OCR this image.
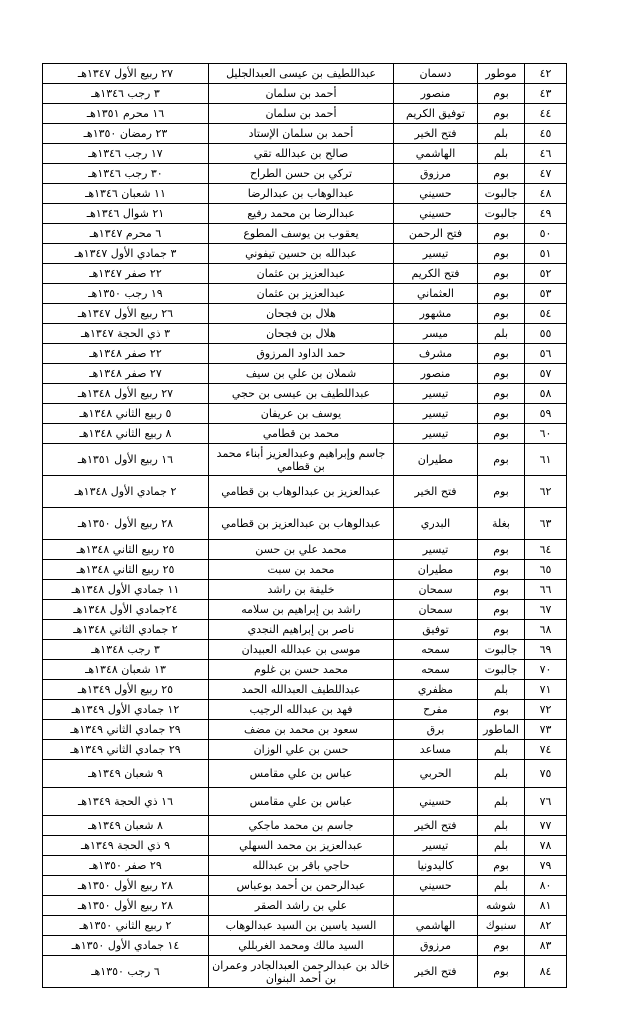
٤٢	موطور	دسمان	عبداللطيف بن عيسى العبدالجليل	٢٧ ربيع الأول ١٣٤٧هـ
٤٣	بوم	منصور	أحمد بن سلمان	٣ رجب ١٣٤٦هـ
٤٤	بوم	توفيق الكريم	أحمد بن سلمان	١٦ محرم ١٣٥١هـ
٤٥	بلم	فتح الخير	أحمد بن سلمان الإستاد	٢٣ رمضان ١٣٥٠هـ
٤٦	بلم	الهاشمي	صالح بن عبدالله تقي	١٧ رجب ١٣٤٦هـ
٤٧	بوم	مرزوق	تركي بن حسن الطراح	٣٠ رجب ١٣٤٦هـ
٤٨	جالبوت	حسيني	عبدالوهاب بن عبدالرضا	١١ شعبان ١٣٤٦هـ
٤٩	جالبوت	حسيني	عبدالرضا بن محمد رفيع	٢١ شوال ١٣٤٦هـ
٥٠	بوم	فتح الرحمن	يعقوب بن يوسف المطوع	٦ محرم ١٣٤٧هـ
٥١	بوم	تيسير	عبدالله بن حسين تيفوني	٣ جمادي الأول ١٣٤٧هـ
٥٢	بوم	فتح الكريم	عبدالعزيز بن عثمان	٢٢ صفر ١٣٤٧هـ
٥٣	بوم	العثماني	عبدالعزيز بن عثمان	١٩ رجب ١٣٥٠هـ
٥٤	بوم	مشهور	هلال بن فجحان	٢٦ ربيع الأول ١٣٤٧هـ
٥٥	بلم	ميسر	هلال بن فجحان	٣ ذي الحجة ١٣٤٧هـ
٥٦	بوم	مشرف	حمد الداود المرزوق	٢٢ صفر ١٣٤٨هـ
٥٧	بوم	منصور	شملان بن علي بن سيف	٢٧ صفر ١٣٤٨هـ
٥٨	بوم	تيسير	عبداللطيف بن عيسى بن حجي	٢٧ ربيع الأول ١٣٤٨هـ
٥٩	بوم	تيسير	يوسف بن عريفان	٥ ربيع الثاني ١٣٤٨هـ
٦٠	بوم	تيسير	محمد بن قطامي	٨ ربيع الثاني ١٣٤٨هـ
٦١	بوم	مطيران	جاسم وإبراهيم وعبدالعزيز أبناء محمد بن قطامي	١٦ ربيع الأول ١٣٥١هـ
٦٢	بوم	فتح الخير	عبدالعزيز بن عبدالوهاب بن قطامي	٢ جمادي الأول ١٣٤٨هـ
٦٣	بغلة	البدري	عبدالوهاب بن عبدالعزيز بن قطامي	٢٨ ربيع الأول ١٣٥٠هـ
٦٤	بوم	تيسير	محمد علي بن حسن	٢٥ ربيع الثاني ١٣٤٨هـ
٦٥	بوم	مطيران	محمد بن سبت	٢٥ ربيع الثاني ١٣٤٨هـ
٦٦	بوم	سمحان	خليفة بن راشد	١١ جمادي الأول ١٣٤٨هـ
٦٧	بوم	سمحان	راشد بن إبراهيم بن سلامه	٢٤جمادي الأول ١٣٤٨هـ
٦٨	بوم	توفيق	ناصر بن إبراهيم النجدي	٢ جمادي الثاني ١٣٤٨هـ
٦٩	جالبوت	سمحه	موسى بن عبدالله العبيدان	٣ رجب ١٣٤٨هـ
٧٠	جالبوت	سمحه	محمد حسن بن غلوم	١٣ شعبان ١٣٤٨هـ
٧١	بلم	مظفري	عبداللطيف العبدالله الحمد	٢٥ ربيع الأول ١٣٤٩هـ
٧٢	بوم	مفرح	فهد بن عبدالله الرجيب	١٢ جمادي الأول ١٣٤٩هـ
٧٣	الماطور	برق	سعود بن محمد بن مضف	٢٩ جمادي الثاني ١٣٤٩هـ
٧٤	بلم	مساعد	حسن بن علي الوزان	٢٩ جمادي الثاني ١٣٤٩هـ
٧٥	بلم	الحربي	عباس بن علي مقامس	٩ شعبان ١٣٤٩هـ
٧٦	بلم	حسيني	عباس بن علي مقامس	١٦ ذي الحجة ١٣٤٩هـ
٧٧	بلم	فتح الخير	جاسم بن محمد ماجكي	٨ شعبان ١٣٤٩هـ
٧٨	بلم	تيسير	عبدالعزيز بن محمد السهلي	٩ ذي الحجة ١٣٤٩هـ
٧٩	بوم	كاليدونيا	حاجي باقر بن عبدالله	٢٩ صفر ١٣٥٠هـ
٨٠	بلم	حسيني	عبدالرحمن بن أحمد بوعباس	٢٨ ربيع الأول ١٣٥٠هـ
٨١	شوشه		علي بن راشد الصقر	٢٨ ربيع الأول ١٣٥٠هـ
٨٢	سنبوك	الهاشمي	السيد ياسين بن السيد عبدالوهاب	٢ ربيع الثاني ١٣٥٠هـ
٨٣	بوم	مرزوق	السيد مالك ومحمد الغربللي	١٤ جمادي الأول ١٣٥٠هـ
٨٤	بوم	فتح الخير	خالد بن عبدالرحمن العبدالجادر وعمران بن أحمد البنوان	٦ رجب ١٣٥٠هـ
